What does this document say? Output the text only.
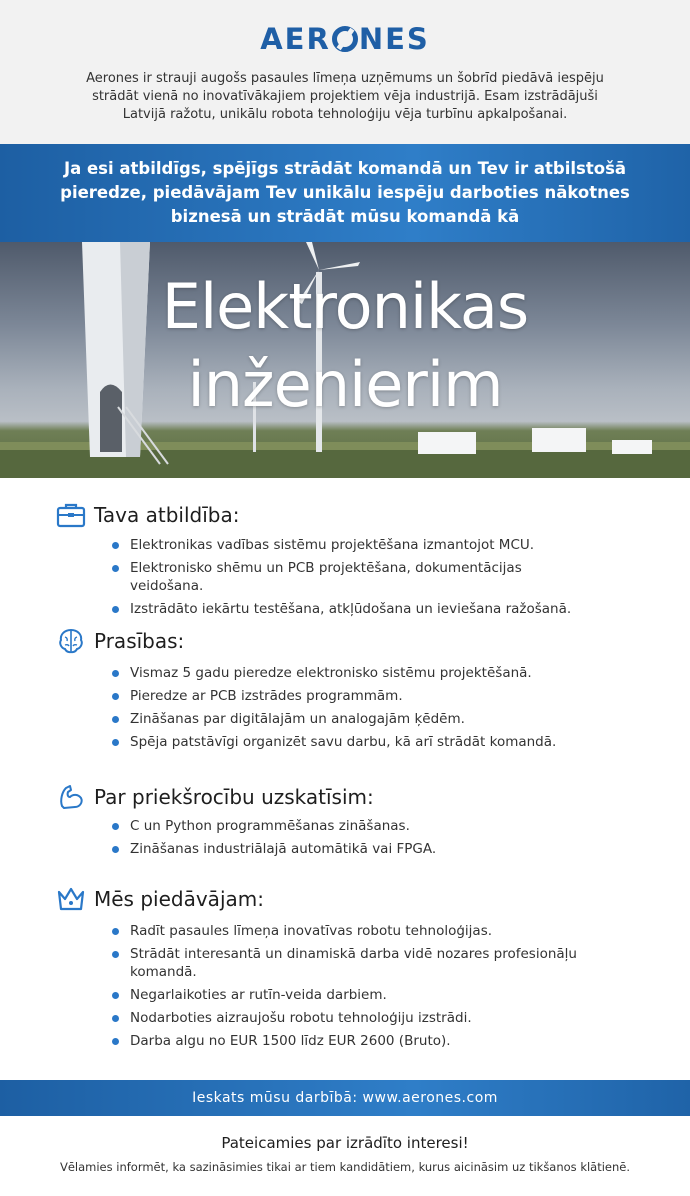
AER NES

Aerones ir strauji augošs pasaules līmeņa uzņēmums un šobrīd piedāvā iespēju strādāt vienā no inovatīvākajiem projektiem vēja industrijā. Esam izstrādājuši Latvijā ražotu, unikālu robota tehnoloģiju vēja turbīnu apkalpošanai.

Ja esi atbildīgs, spējīgs strādāt komandā un Tev ir atbilstošā pieredze, piedāvājam Tev unikālu iespēju darboties nākotnes biznesā un strādāt mūsu komandā kā

Elektronikas
inženierim
Tava atbildība:
Elektronikas vadības sistēmu projektēšana izmantojot MCU.
Elektronisko shēmu un PCB projektēšana, dokumentācijas veidošana.
Izstrādāto iekārtu testēšana, atkļūdošana un ieviešana ražošanā.
Prasības:
Vismaz 5 gadu pieredze elektronisko sistēmu projektēšanā.
Pieredze ar PCB izstrādes programmām.
Zināšanas par digitālajām un analogajām ķēdēm.
Spēja patstāvīgi organizēt savu darbu, kā arī strādāt komandā.
Par priekšrocību uzskatīsim:
C un Python programmēšanas zināšanas.
Zināšanas industriālajā automātikā vai FPGA.
Mēs piedāvājam:
Radīt pasaules līmeņa inovatīvas robotu tehnoloģijas.
Strādāt interesantā un dinamiskā darba vidē nozares profesionāļu komandā.
Negarlaikoties ar rutīn-veida darbiem.
Nodarboties aizraujošu robotu tehnoloģiju izstrādi.
Darba algu no EUR 1500 līdz EUR 2600 (Bruto).
Ieskats mūsu darbībā: www.aerones.com
Pateicamies par izrādīto interesi!
Vēlamies informēt, ka sazināsimies tikai ar tiem kandidātiem, kurus aicināsim uz tikšanos klātienē.
